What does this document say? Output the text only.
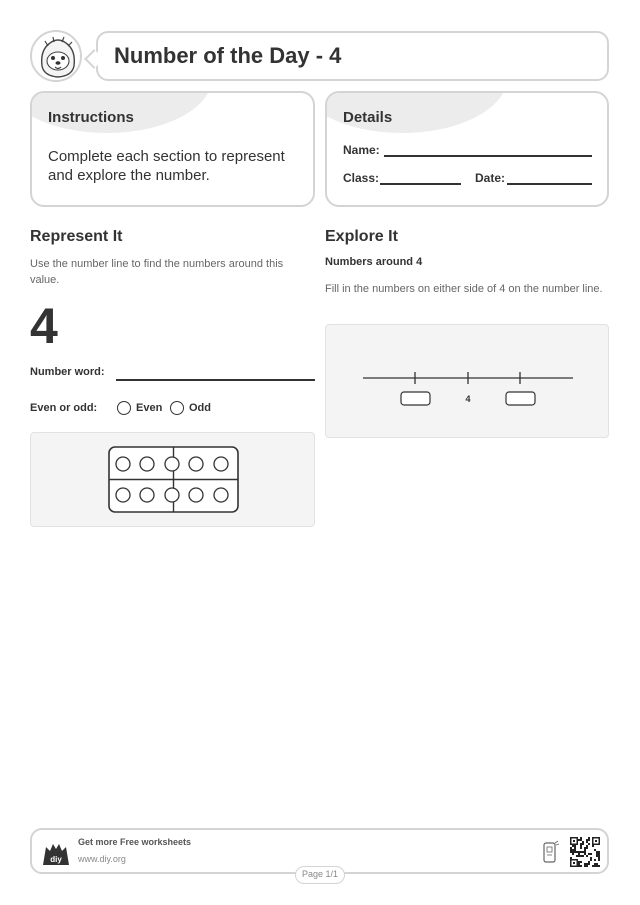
Number of the Day - 4
Instructions
Complete each section to represent and explore the number.
Details
Name:
Class:	Date:
Represent It
Use the number line to find the numbers around this value.
4
Number word:
Even or odd:	Even Odd
Explore It
Numbers around 4
Fill in the numbers on either side of 4 on the number line.
4
diy
Get more Free worksheets
www.diy.org
Page 1/1
